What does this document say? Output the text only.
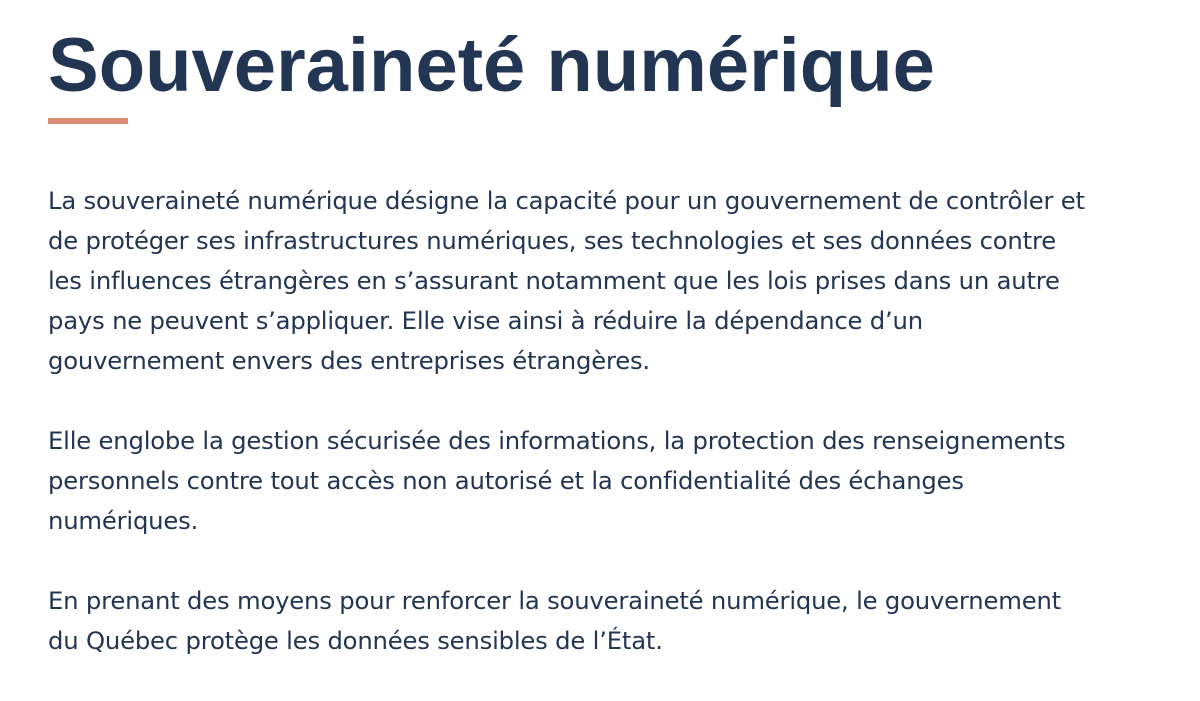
Souveraineté numérique

La souveraineté numérique désigne la capacité pour un gouvernement de contrôler et
de protéger ses infrastructures numériques, ses technologies et ses données contre
les influences étrangères en s’assurant notamment que les lois prises dans un autre
pays ne peuvent s’appliquer. Elle vise ainsi à réduire la dépendance d’un
gouvernement envers des entreprises étrangères.

Elle englobe la gestion sécurisée des informations, la protection des renseignements
personnels contre tout accès non autorisé et la confidentialité des échanges
numériques.

En prenant des moyens pour renforcer la souveraineté numérique, le gouvernement
du Québec protège les données sensibles de l’État.
